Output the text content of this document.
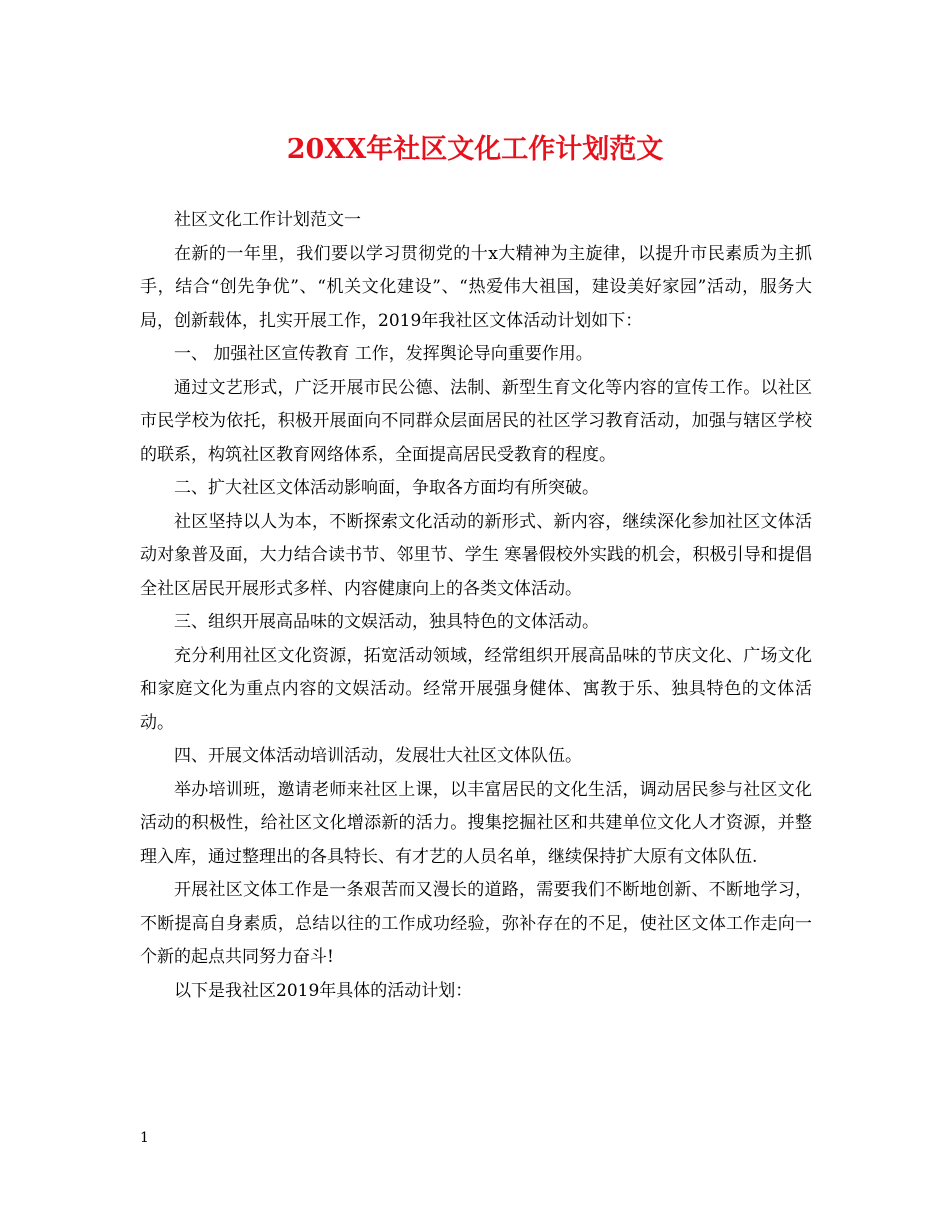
20XX年社区文化工作计划范文

社区文化工作计划范文一

在新的一年里，我们要以学习贯彻党的十x大精神为主旋律，以提升市民素质为主抓手，结合“创先争优”、“机关文化建设”、“热爱伟大祖国，建设美好家园”活动，服务大局，创新载体，扎实开展工作，2019年我社区文体活动计划如下：

一、 加强社区宣传教育 工作，发挥舆论导向重要作用。

通过文艺形式，广泛开展市民公德、法制、新型生育文化等内容的宣传工作。以社区市民学校为依托，积极开展面向不同群众层面居民的社区学习教育活动，加强与辖区学校的联系，构筑社区教育网络体系，全面提高居民受教育的程度。

二、扩大社区文体活动影响面，争取各方面均有所突破。

社区坚持以人为本，不断探索文化活动的新形式、新内容，继续深化参加社区文体活动对象普及面，大力结合读书节、邻里节、学生 寒暑假校外实践的机会，积极引导和提倡全社区居民开展形式多样、内容健康向上的各类文体活动。

三、组织开展高品味的文娱活动，独具特色的文体活动。

充分利用社区文化资源，拓宽活动领域，经常组织开展高品味的节庆文化、广场文化和家庭文化为重点内容的文娱活动。经常开展强身健体、寓教于乐、独具特色的文体活动。

四、开展文体活动培训活动，发展壮大社区文体队伍。

举办培训班，邀请老师来社区上课，以丰富居民的文化生活，调动居民参与社区文化活动的积极性，给社区文化增添新的活力。搜集挖掘社区和共建单位文化人才资源，并整理入库，通过整理出的各具特长、有才艺的人员名单，继续保持扩大原有文体队伍.

开展社区文体工作是一条艰苦而又漫长的道路，需要我们不断地创新、不断地学习，不断提高自身素质，总结以往的工作成功经验，弥补存在的不足，使社区文体工作走向一个新的起点共同努力奋斗!

以下是我社区2019年具体的活动计划：

1
